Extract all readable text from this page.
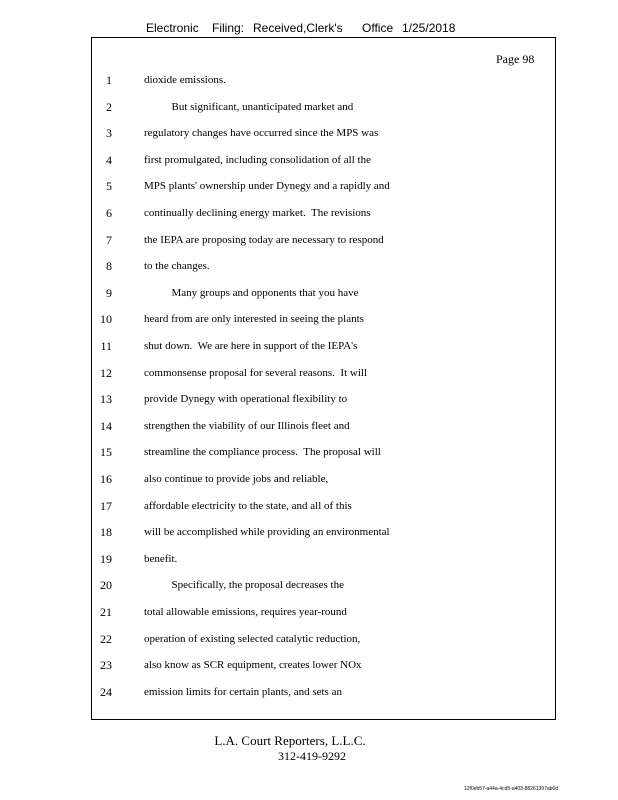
Electronic Filing: Received,Clerk's Office 1/25/2018
Page 98
1	dioxide emissions.
2	But significant, unanticipated market and
3	regulatory changes have occurred since the MPS was
4	first promulgated, including consolidation of all the
5	MPS plants' ownership under Dynegy and a rapidly and
6	continually declining energy market.  The revisions
7	the IEPA are proposing today are necessary to respond
8	to the changes.
9	Many groups and opponents that you have
10	heard from are only interested in seeing the plants
11	shut down.  We are here in support of the IEPA's
12	commonsense proposal for several reasons.  It will
13	provide Dynegy with operational flexibility to
14	strengthen the viability of our Illinois fleet and
15	streamline the compliance process.  The proposal will
16	also continue to provide jobs and reliable,
17	affordable electricity to the state, and all of this
18	will be accomplished while providing an environmental
19	benefit.
20	Specifically, the proposal decreases the
21	total allowable emissions, requires year-round
22	operation of existing selected catalytic reduction,
23	also know as SCR equipment, creates lower NOx
24	emission limits for certain plants, and sets an
L.A. Court Reporters, L.L.C.
312-419-9292
12f0eb57-a44a-4cd5-a403-88261397ab6d
